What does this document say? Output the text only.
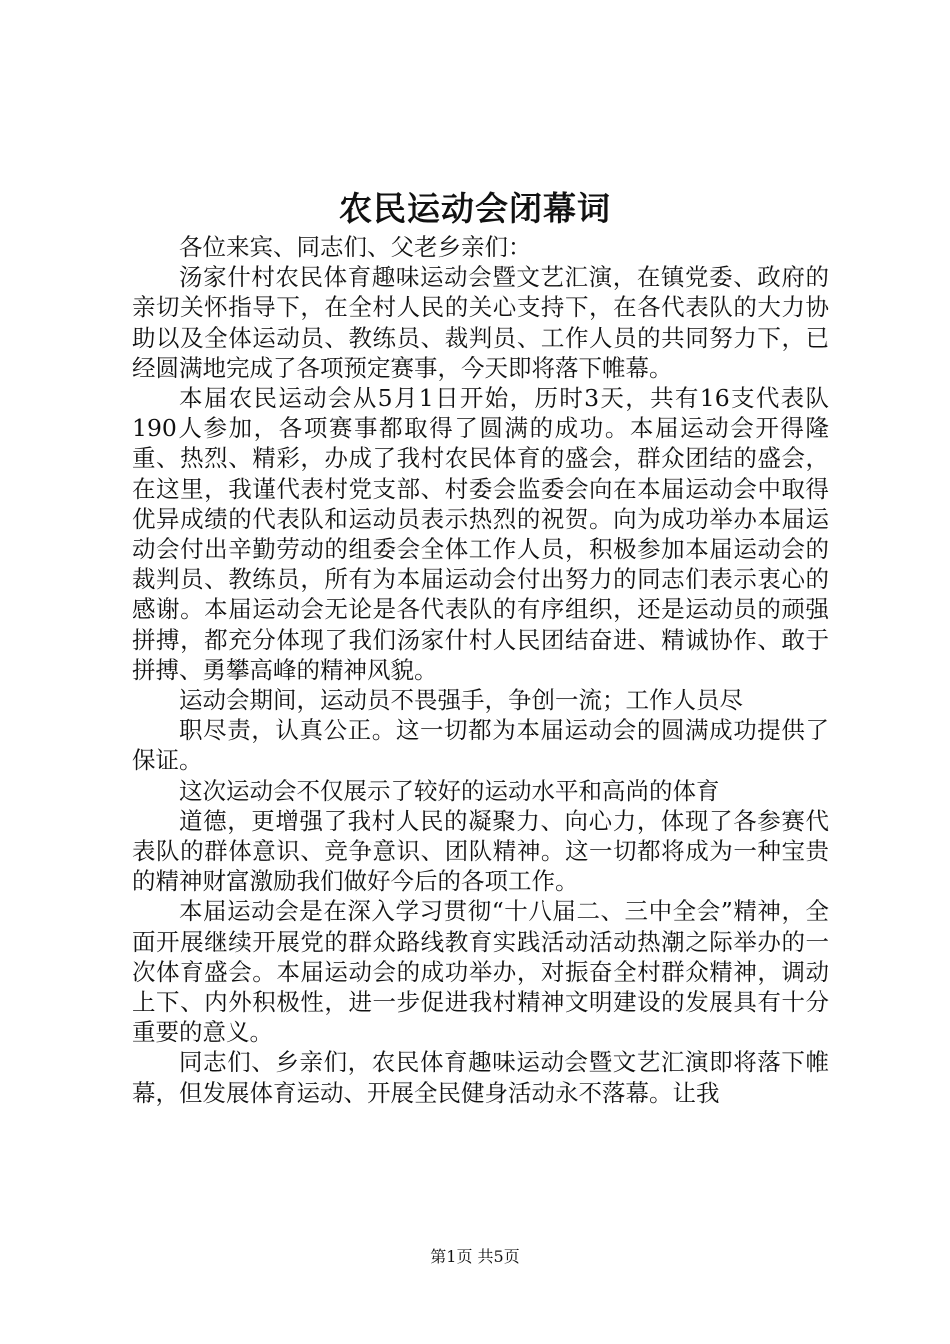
农民运动会闭幕词

各位来宾、同志们、父老乡亲们：

汤家什村农民体育趣味运动会暨文艺汇演，在镇党委、政府的亲切关怀指导下，在全村人民的关心支持下，在各代表队的大力协助以及全体运动员、教练员、裁判员、工作人员的共同努力下，已经圆满地完成了各项预定赛事，今天即将落下帷幕。

本届农民运动会从5月1日开始，历时3天，共有16支代表队190人参加，各项赛事都取得了圆满的成功。本届运动会开得隆重、热烈、精彩，办成了我村农民体育的盛会，群众团结的盛会，在这里，我谨代表村党支部、村委会监委会向在本届运动会中取得优异成绩的代表队和运动员表示热烈的祝贺。向为成功举办本届运动会付出辛勤劳动的组委会全体工作人员，积极参加本届运动会的裁判员、教练员，所有为本届运动会付出努力的同志们表示衷心的感谢。本届运动会无论是各代表队的有序组织，还是运动员的顽强拼搏，都充分体现了我们汤家什村人民团结奋进、精诚协作、敢于拼搏、勇攀高峰的精神风貌。

运动会期间，运动员不畏强手，争创一流；工作人员尽

职尽责，认真公正。这一切都为本届运动会的圆满成功提供了保证。

这次运动会不仅展示了较好的运动水平和高尚的体育

道德，更增强了我村人民的凝聚力、向心力，体现了各参赛代表队的群体意识、竞争意识、团队精神。这一切都将成为一种宝贵的精神财富激励我们做好今后的各项工作。

本届运动会是在深入学习贯彻“十八届二、三中全会”精神，全面开展继续开展党的群众路线教育实践活动活动热潮之际举办的一次体育盛会。本届运动会的成功举办，对振奋全村群众精神，调动上下、内外积极性，进一步促进我村精神文明建设的发展具有十分重要的意义。

同志们、乡亲们，农民体育趣味运动会暨文艺汇演即将落下帷幕，但发展体育运动、开展全民健身活动永不落幕。让我

第1页 共5页
